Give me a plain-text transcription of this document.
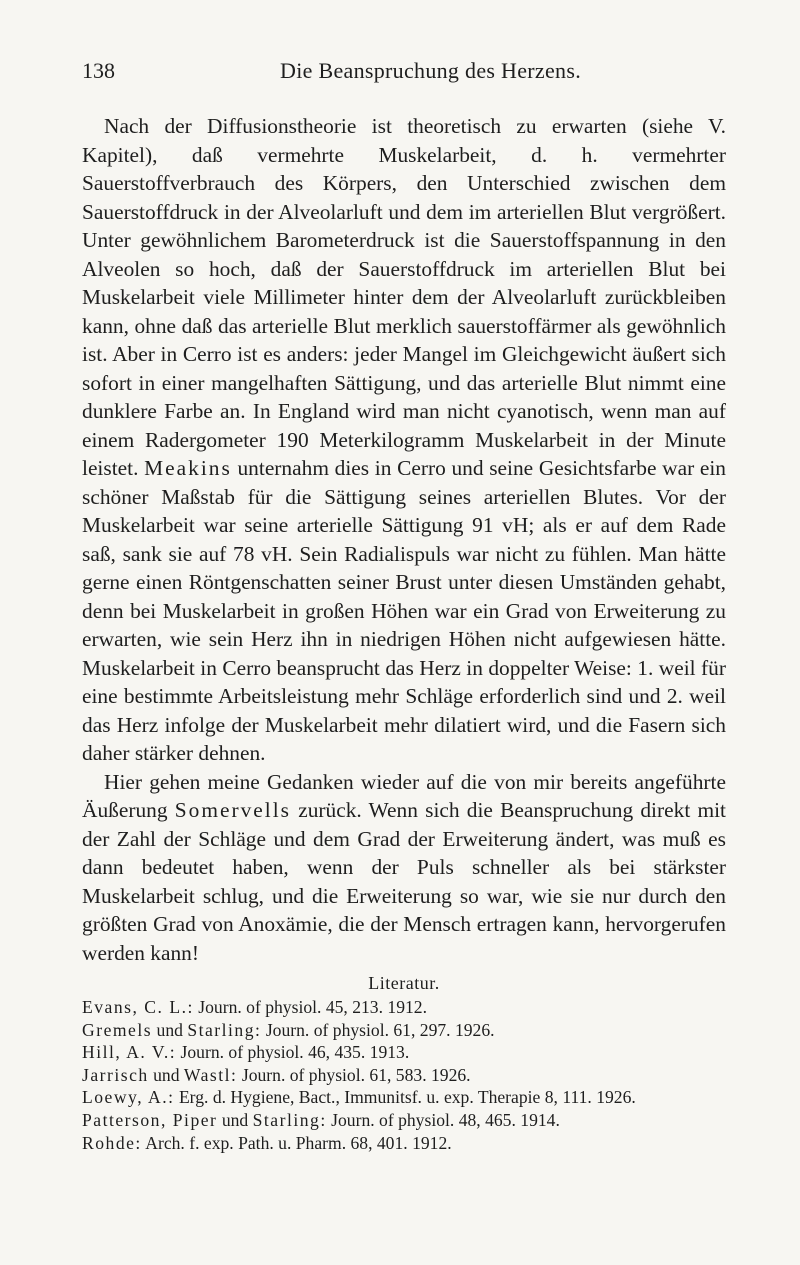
138	Die Beanspruchung des Herzens.

Nach der Diffusionstheorie ist theoretisch zu erwarten (siehe V. Kapitel), daß vermehrte Muskelarbeit, d. h. vermehrter Sauerstoffverbrauch des Körpers, den Unterschied zwischen dem Sauerstoffdruck in der Alveolarluft und dem im arteriellen Blut vergrößert. Unter gewöhnlichem Barometerdruck ist die Sauerstoffspannung in den Alveolen so hoch, daß der Sauerstoffdruck im arteriellen Blut bei Muskelarbeit viele Millimeter hinter dem der Alveolarluft zurückbleiben kann, ohne daß das arterielle Blut merklich sauerstoffärmer als gewöhnlich ist. Aber in Cerro ist es anders: jeder Mangel im Gleichgewicht äußert sich sofort in einer mangelhaften Sättigung, und das arterielle Blut nimmt eine dunklere Farbe an. In England wird man nicht cyanotisch, wenn man auf einem Radergometer 190 Meterkilogramm Muskelarbeit in der Minute leistet. Meakins unternahm dies in Cerro und seine Gesichtsfarbe war ein schöner Maßstab für die Sättigung seines arteriellen Blutes. Vor der Muskelarbeit war seine arterielle Sättigung 91 vH; als er auf dem Rade saß, sank sie auf 78 vH. Sein Radialispuls war nicht zu fühlen. Man hätte gerne einen Röntgenschatten seiner Brust unter diesen Umständen gehabt, denn bei Muskelarbeit in großen Höhen war ein Grad von Erweiterung zu erwarten, wie sein Herz ihn in niedrigen Höhen nicht aufgewiesen hätte. Muskelarbeit in Cerro beansprucht das Herz in doppelter Weise: 1. weil für eine bestimmte Arbeitsleistung mehr Schläge erforderlich sind und 2. weil das Herz infolge der Muskelarbeit mehr dilatiert wird, und die Fasern sich daher stärker dehnen.

Hier gehen meine Gedanken wieder auf die von mir bereits angeführte Äußerung Somervells zurück. Wenn sich die Beanspruchung direkt mit der Zahl der Schläge und dem Grad der Erweiterung ändert, was muß es dann bedeutet haben, wenn der Puls schneller als bei stärkster Muskelarbeit schlug, und die Erweiterung so war, wie sie nur durch den größten Grad von Anoxämie, die der Mensch ertragen kann, hervorgerufen werden kann!

Literatur.
Evans, C. L.: Journ. of physiol. 45, 213. 1912.
Gremels und Starling: Journ. of physiol. 61, 297. 1926.
Hill, A. V.: Journ. of physiol. 46, 435. 1913.
Jarrisch und Wastl: Journ. of physiol. 61, 583. 1926.
Loewy, A.: Erg. d. Hygiene, Bact., Immunitsf. u. exp. Therapie 8, 111. 1926.
Patterson, Piper und Starling: Journ. of physiol. 48, 465. 1914.
Rohde: Arch. f. exp. Path. u. Pharm. 68, 401. 1912.
